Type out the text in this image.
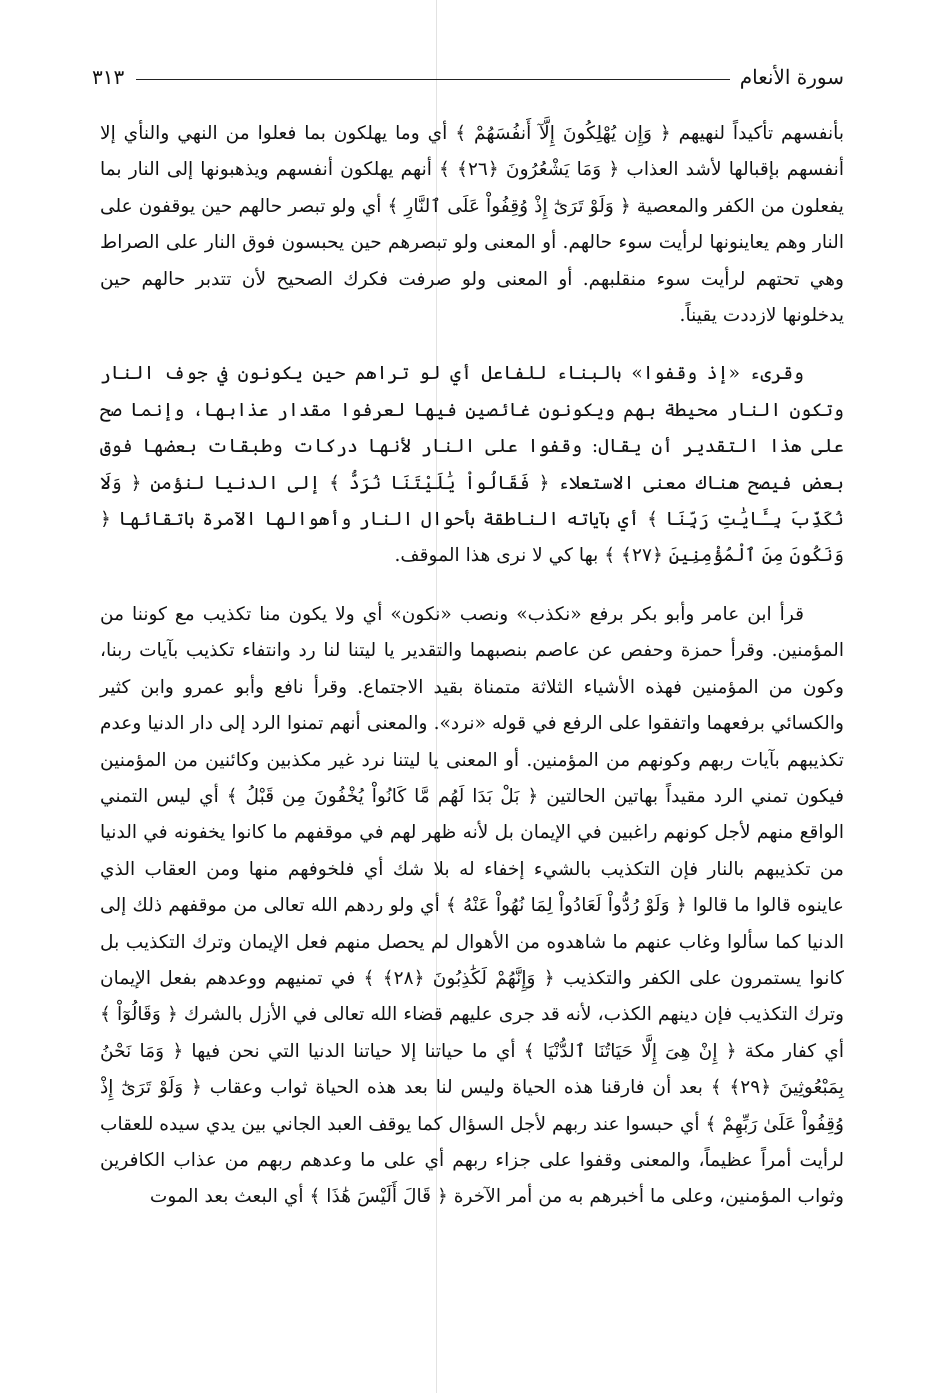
سورة الأنعام
٣١٣

بأنفسهم تأكيداً لنهيهم ﴿ وَإِن يُهْلِكُونَ إِلَّآ أَنفُسَهُمْ ﴾ أي وما يهلكون بما فعلوا من النهي والنأي إلا أنفسهم بإقبالها لأشد العذاب ﴿ وَمَا يَشْعُرُونَ ﴿٢٦﴾ ﴾ أنهم يهلكون أنفسهم ويذهبونها إلى النار بما يفعلون من الكفر والمعصية ﴿ وَلَوْ تَرَىٰٓ إِذْ وُقِفُواْ عَلَى ٱلنَّارِ ﴾ أي ولو تبصر حالهم حين يوقفون على النار وهم يعاينونها لرأيت سوء حالهم. أو المعنى ولو تبصرهم حين يحبسون فوق النار على الصراط وهي تحتهم لرأيت سوء منقلبهم. أو المعنى ولو صرفت فكرك الصحيح لأن تتدبر حالهم حين يدخلونها لازددت يقيناً.

وقرىء «إذ وقفوا» بالبناء للفاعل أي لو تراهم حين يكونون في جوف النار وتكون النار محيطة بهم ويكونون غائصين فيها لعرفوا مقدار عذابها، وإنما صح على هذا التقدير أن يقال: وقفوا على النار لأنها دركات وطبقات بعضها فوق بعض فيصح هناك معنى الاستعلاء ﴿ فَقَالُواْ يَٰلَيْتَنَا نُرَدُّ ﴾ إلى الدنيا لنؤمن ﴿ وَلَا نُكَذِّبَ بِـَٔايَٰتِ رَبِّنَا ﴾ أي بآياته الناطقة بأحوال النار وأهوالها الآمرة باتقائها ﴿ وَنَكُونَ مِنَ ٱلْمُؤْمِنِينَ ﴿٢٧﴾ ﴾ بها كي لا نرى هذا الموقف.

قرأ ابن عامر وأبو بكر برفع «نكذب» ونصب «نكون» أي ولا يكون منا تكذيب مع كوننا من المؤمنين. وقرأ حمزة وحفص عن عاصم بنصبهما والتقدير يا ليتنا لنا رد وانتفاء تكذيب بآيات ربنا، وكون من المؤمنين فهذه الأشياء الثلاثة متمناة بقيد الاجتماع. وقرأ نافع وأبو عمرو وابن كثير والكسائي برفعهما واتفقوا على الرفع في قوله «نرد». والمعنى أنهم تمنوا الرد إلى دار الدنيا وعدم تكذيبهم بآيات ربهم وكونهم من المؤمنين. أو المعنى يا ليتنا نرد غير مكذبين وكائنين من المؤمنين فيكون تمني الرد مقيداً بهاتين الحالتين ﴿ بَلْ بَدَا لَهُم مَّا كَانُواْ يُخْفُونَ مِن قَبْلُ ﴾ أي ليس التمني الواقع منهم لأجل كونهم راغبين في الإيمان بل لأنه ظهر لهم في موقفهم ما كانوا يخفونه في الدنيا من تكذيبهم بالنار فإن التكذيب بالشيء إخفاء له بلا شك أي فلخوفهم منها ومن العقاب الذي عاينوه قالوا ما قالوا ﴿ وَلَوْ رُدُّواْ لَعَادُواْ لِمَا نُهُواْ عَنْهُ ﴾ أي ولو ردهم الله تعالى من موقفهم ذلك إلى الدنيا كما سألوا وغاب عنهم ما شاهدوه من الأهوال لم يحصل منهم فعل الإيمان وترك التكذيب بل كانوا يستمرون على الكفر والتكذيب ﴿ وَإِنَّهُمْ لَكَٰذِبُونَ ﴿٢٨﴾ ﴾ في تمنيهم ووعدهم بفعل الإيمان وترك التكذيب فإن دينهم الكذب، لأنه قد جرى عليهم قضاء الله تعالى في الأزل بالشرك ﴿ وَقَالُوٓاْ ﴾ أي كفار مكة ﴿ إِنْ هِىَ إِلَّا حَيَاتُنَا ٱلدُّنْيَا ﴾ أي ما حياتنا إلا حياتنا الدنيا التي نحن فيها ﴿ وَمَا نَحْنُ بِمَبْعُوثِينَ ﴿٢٩﴾ ﴾ بعد أن فارقنا هذه الحياة وليس لنا بعد هذه الحياة ثواب وعقاب ﴿ وَلَوْ تَرَىٰٓ إِذْ وُقِفُواْ عَلَىٰ رَبِّهِمْ ﴾ أي حبسوا عند ربهم لأجل السؤال كما يوقف العبد الجاني بين يدي سيده للعقاب لرأيت أمراً عظيماً، والمعنى وقفوا على جزاء ربهم أي على ما وعدهم ربهم من عذاب الكافرين وثواب المؤمنين، وعلى ما أخبرهم به من أمر الآخرة ﴿ قَالَ أَلَيْسَ هَٰذَا ﴾ أي البعث بعد الموت
